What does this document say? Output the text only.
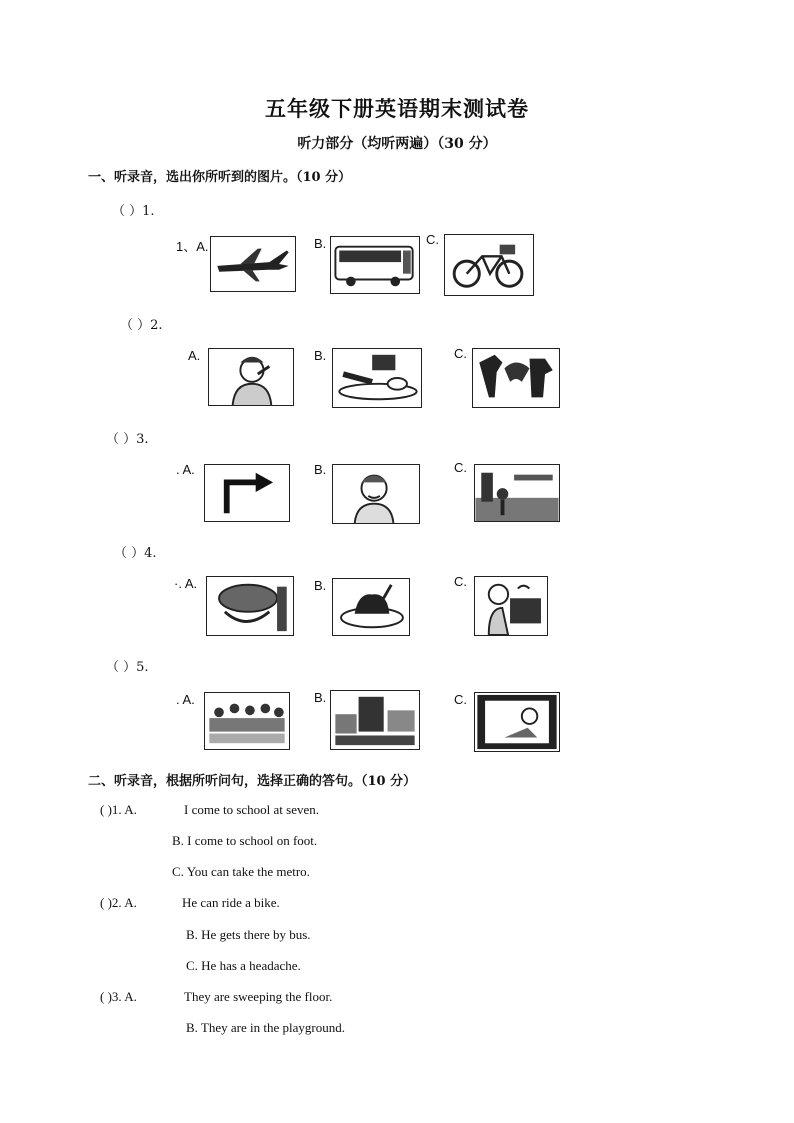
五年级下册英语期末测试卷
听力部分（均听两遍）（30 分）
一、听录音，选出你所听到的图片。（10 分）
（ ）1.
1、A.	B.	C.
（ ）2.
A.	B.	C.
（ ）3.
. A.	B.	C.
（ ）4.
·. A.	B.	C.
（ ）5.
. A.	B.	C.
二、听录音，根据所听问句，选择正确的答句。（10 分）
( )1. A.	I come to school at seven.
B. I come to school on foot.
C. You can take the metro.
( )2. A.	He can ride a bike.
B. He gets there by bus.
C. He has a headache.
( )3. A.	They are sweeping the floor.
B. They are in the playground.
